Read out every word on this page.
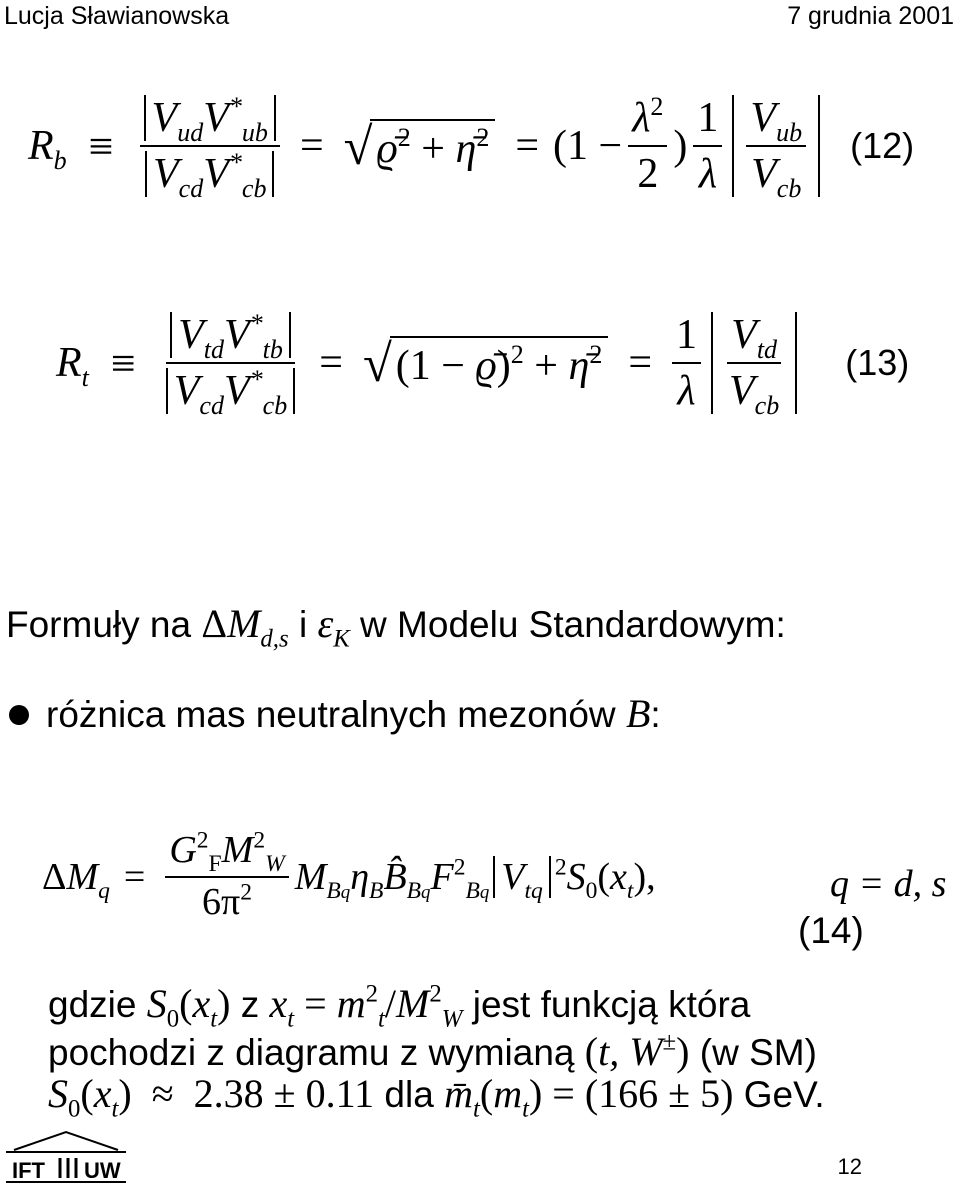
Lucja Sławianowska	7 grudnia 2001
$R_b \equiv \frac{V_{ud}V^*_{ub}}{V_{cd}V^*_{cb}}$ = √ ϱ̄$^2$ + η̄$^2$ = ($1 - \frac{\lambda^2}{2}$ ) $\frac{1}{\lambda} \frac{V_{ub}}{V_{cb}} (12)$
$R_t \equiv \frac{V_{td}V^*_{tb}}{V_{cd}V^*_{cb}}$ = √ (1 − ϱ̄)$^2$ + η̄$^2$ = $\frac{1}{\lambda} \frac{V_{td}}{V_{cb}} (13)$
Formuły na $\Delta M_{d,s}$ i $\varepsilon_K$ w Modelu Standardowym:
różnica mas neutralnych mezonów B:
$\Delta M_q = \frac{G^2_FM^2_W}{6\pi^2}$ $M_{Bq}\eta_BB̂_{Bq}F^2_{Bq}$ $V_{tq}^2S_0(x_t)$,	q = d, s
(14)
gdzie $S_0(x_t)$ z $x_t = m^2_t/M^2_W$ jest funkcją która
pochodzi z diagramu z wymianą (t, W±) (w SM)
$S_0(x_t) \approx 2.38 \pm 0.11$ dla $m̄_t(m_t) = (166 \pm 5)$ GeV.
IFT UW	12
